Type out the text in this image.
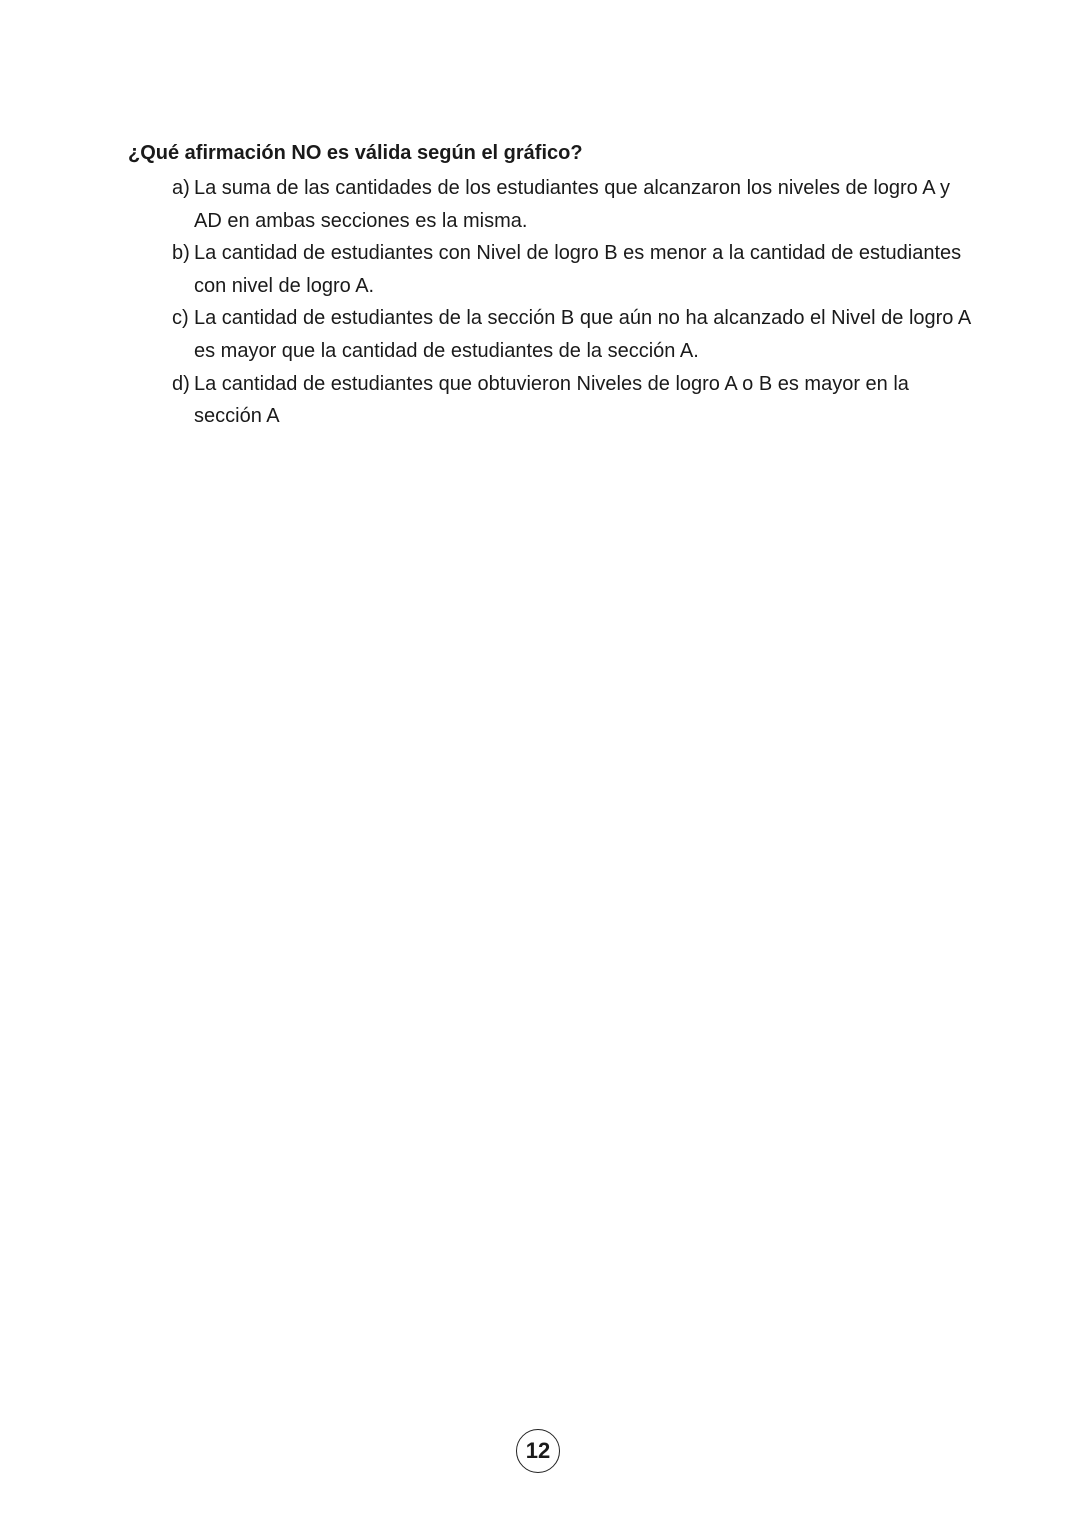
¿Qué afirmación NO es válida según el gráfico?
a) La suma de las cantidades de los estudiantes que alcanzaron los niveles de logro A y AD en ambas secciones es la misma.
b) La cantidad de estudiantes con Nivel de logro B es menor a la cantidad de estudiantes con nivel de logro A.
c) La cantidad de estudiantes de la sección B que aún no ha alcanzado el Nivel de logro A es mayor que la cantidad de estudiantes de la sección A.
d) La cantidad de estudiantes que obtuvieron Niveles de logro A o B es mayor en la sección A
12
